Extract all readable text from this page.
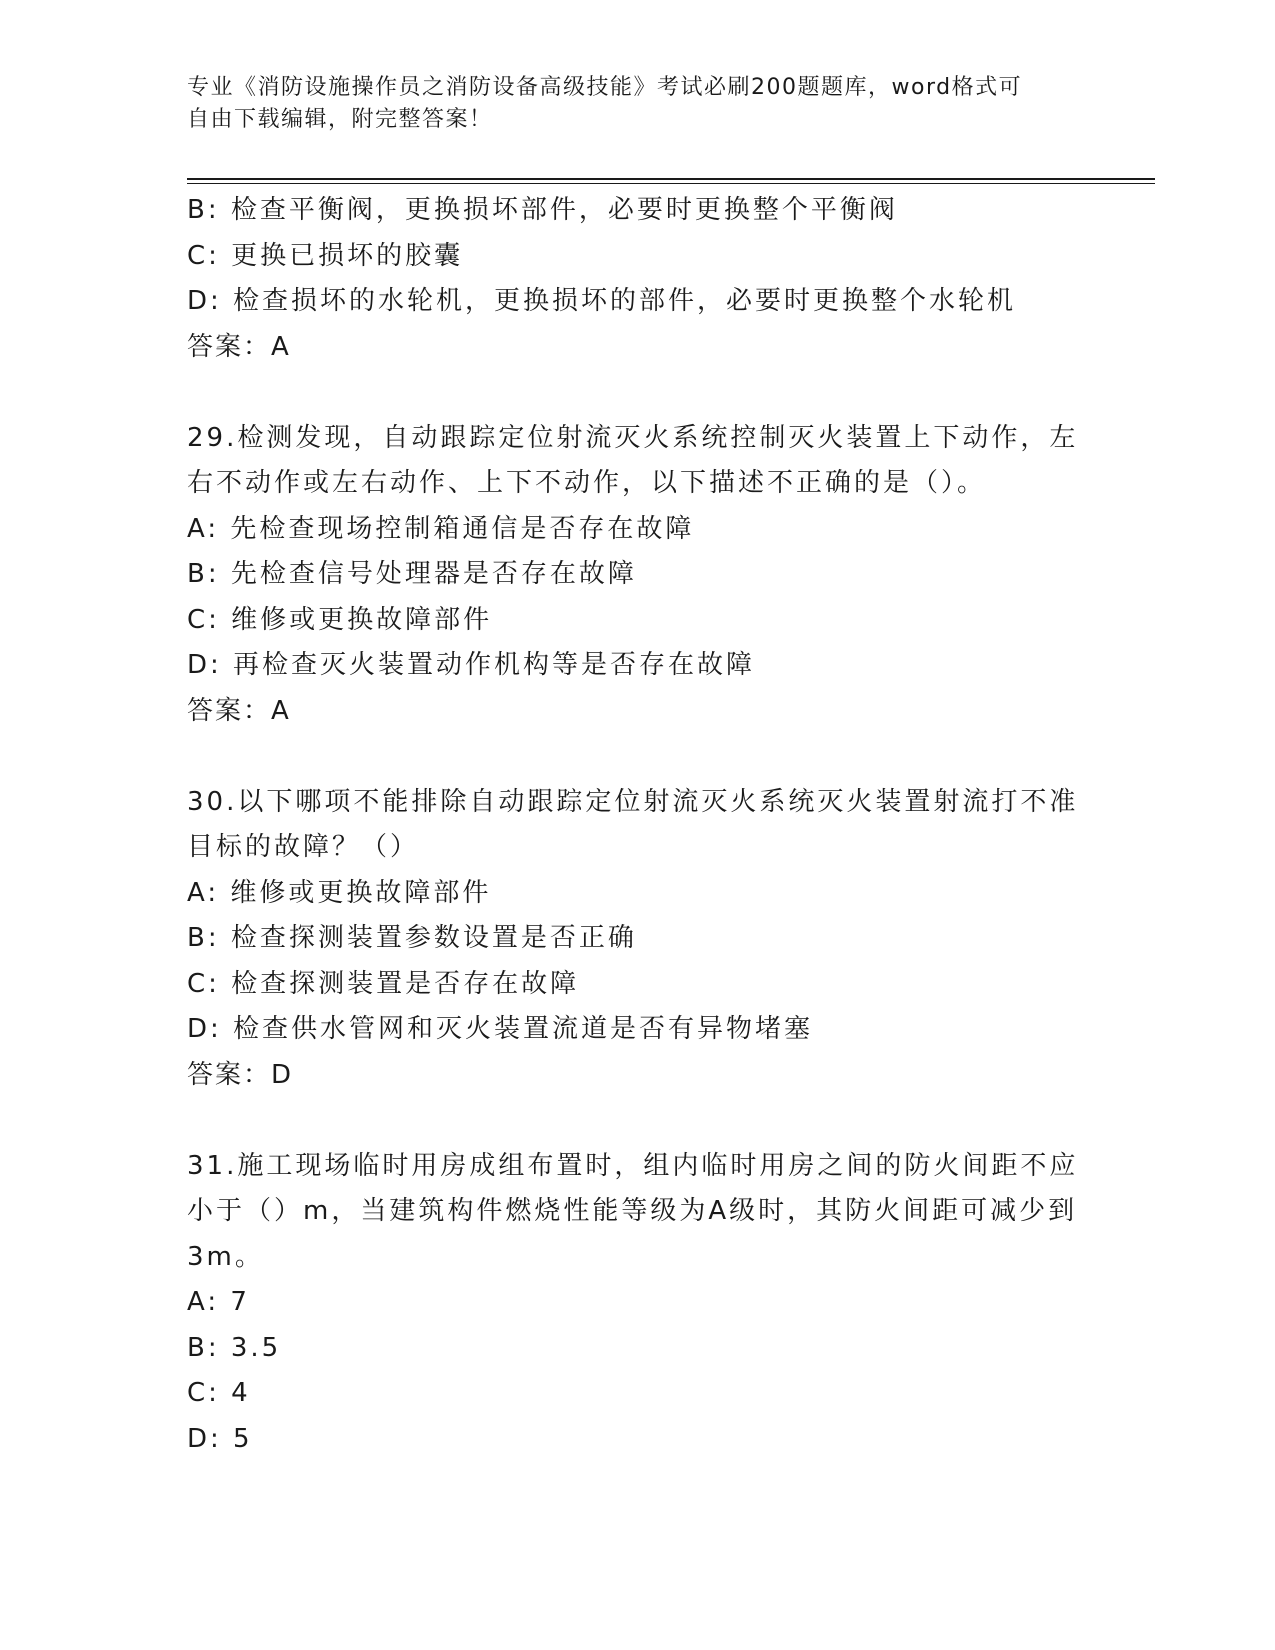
专业《消防设施操作员之消防设备高级技能》考试必刷200题题库，word格式可
自由下载编辑，附完整答案！
B: 检查平衡阀，更换损坏部件，必要时更换整个平衡阀
C: 更换已损坏的胶囊
D: 检查损坏的水轮机，更换损坏的部件，必要时更换整个水轮机
答案：A
29.检测发现，自动跟踪定位射流灭火系统控制灭火装置上下动作，左
右不动作或左右动作、上下不动作，以下描述不正确的是（）。
A: 先检查现场控制箱通信是否存在故障
B: 先检查信号处理器是否存在故障
C: 维修或更换故障部件
D: 再检查灭火装置动作机构等是否存在故障
答案：A
30.以下哪项不能排除自动跟踪定位射流灭火系统灭火装置射流打不准
目标的故障？（）
A: 维修或更换故障部件
B: 检查探测装置参数设置是否正确
C: 检查探测装置是否存在故障
D: 检查供水管网和灭火装置流道是否有异物堵塞
答案：D
31.施工现场临时用房成组布置时，组内临时用房之间的防火间距不应
小于（）m，当建筑构件燃烧性能等级为A级时，其防火间距可减少到
3m。
A: 7
B: 3.5
C: 4
D: 5
